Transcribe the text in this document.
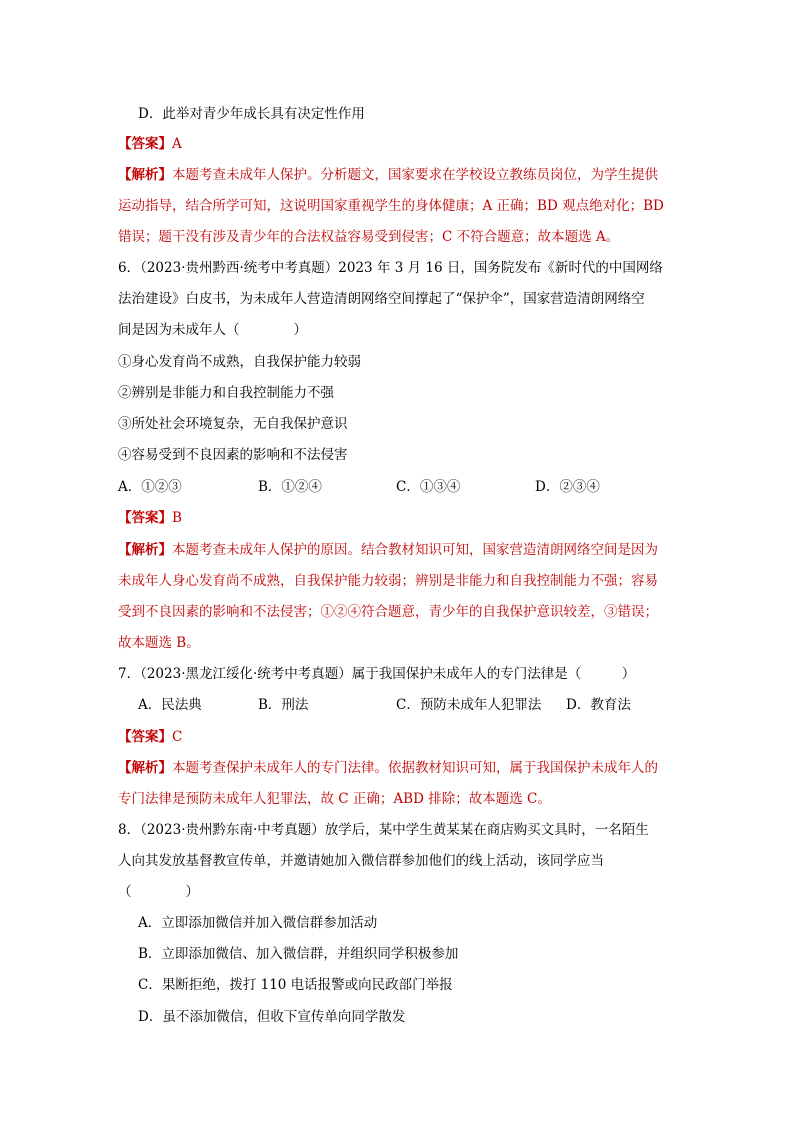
D．此举对青少年成长具有决定性作用
【答案】A
【解析】本题考查未成年人保护。分析题文，国家要求在学校设立教练员岗位，为学生提供
运动指导，结合所学可知，这说明国家重视学生的身体健康；A 正确；BD 观点绝对化；BD
错误；题干没有涉及青少年的合法权益容易受到侵害；C 不符合题意；故本题选 A。
6．（2023·贵州黔西·统考中考真题）2023 年 3 月 16 日，国务院发布《新时代的中国网络
法治建设》白皮书，为未成年人营造清朗网络空间撑起了“保护伞”，国家营造清朗网络空
间是因为未成年人（　　　　）
①身心发育尚不成熟，自我保护能力较弱
②辨别是非能力和自我控制能力不强
③所处社会环境复杂，无自我保护意识
④容易受到不良因素的影响和不法侵害
A．①②③	B．①②④	C．①③④	D．②③④
【答案】B
【解析】本题考查未成年人保护的原因。结合教材知识可知，国家营造清朗网络空间是因为
未成年人身心发育尚不成熟，自我保护能力较弱；辨别是非能力和自我控制能力不强；容易
受到不良因素的影响和不法侵害；①②④符合题意，青少年的自我保护意识较差，③错误；
故本题选 B。
7．（2023·黑龙江绥化·统考中考真题）属于我国保护未成年人的专门法律是（　　　）
A．民法典	B．刑法	C．预防未成年人犯罪法 D．教育法
【答案】C
【解析】本题考查保护未成年人的专门法律。依据教材知识可知，属于我国保护未成年人的
专门法律是预防未成年人犯罪法，故 C 正确；ABD 排除；故本题选 C。
8．（2023·贵州黔东南·中考真题）放学后，某中学生黄某某在商店购买文具时，一名陌生
人向其发放基督教宣传单，并邀请她加入微信群参加他们的线上活动，该同学应当
（　　　　）
A．立即添加微信并加入微信群参加活动
B．立即添加微信、加入微信群，并组织同学积极参加
C．果断拒绝，拨打 110 电话报警或向民政部门举报
D．虽不添加微信，但收下宣传单向同学散发
